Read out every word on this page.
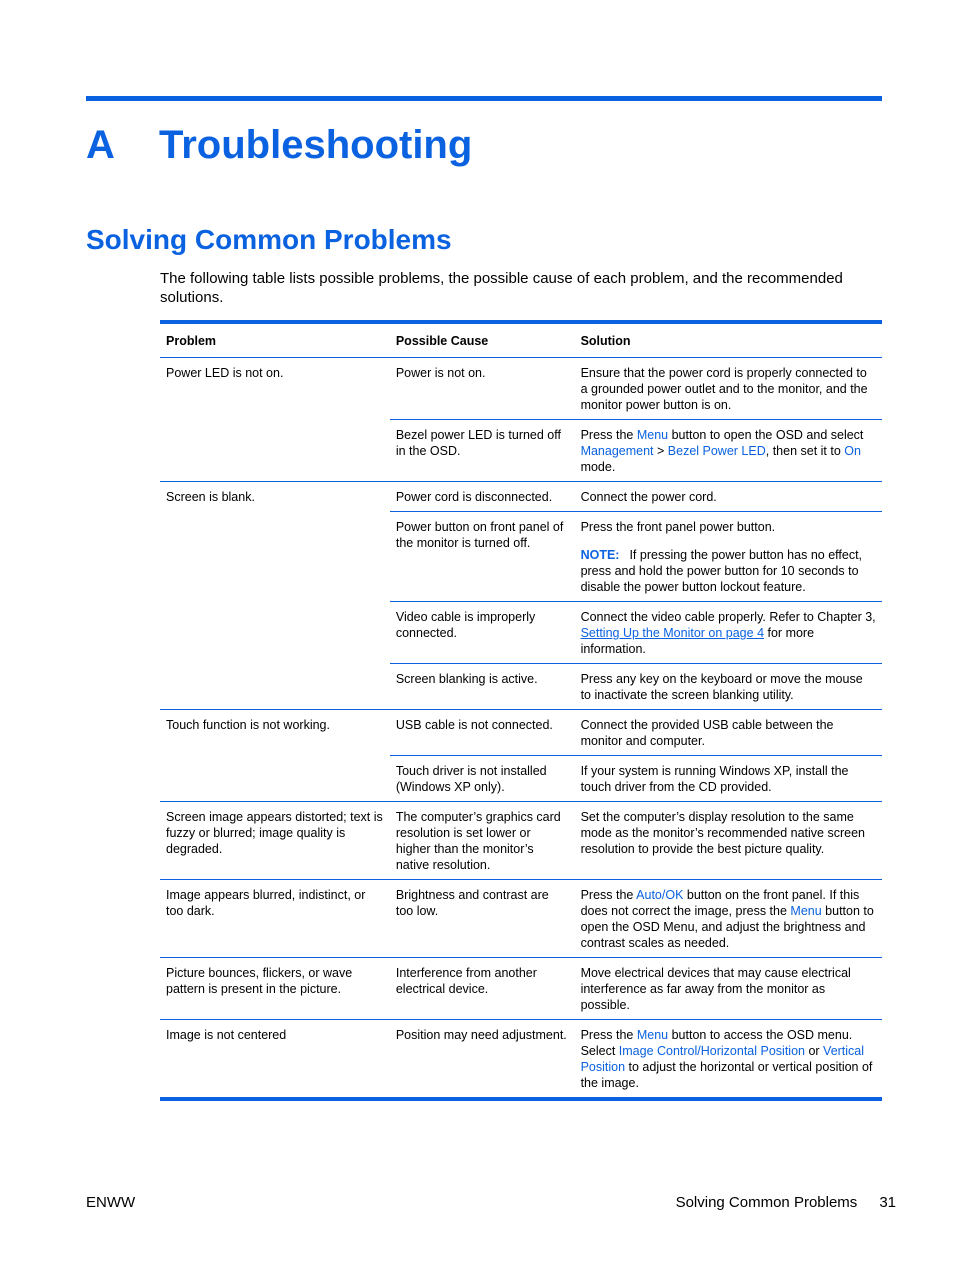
A	Troubleshooting
Solving Common Problems
The following table lists possible problems, the possible cause of each problem, and the recommended solutions.
Problem	Possible Cause	Solution
Power LED is not on.	Power is not on.	Ensure that the power cord is properly connected to a grounded power outlet and to the monitor, and the monitor power button is on.

	Bezel power LED is turned off in the OSD.	Press the Menu button to open the OSD and select Management > Bezel Power LED, then set it to On mode.

Screen is blank.	Power cord is disconnected.	Connect the power cord.

	Power button on front panel of the monitor is turned off.	Press the front panel power button.
NOTE: If pressing the power button has no effect, press and hold the power button for 10 seconds to disable the power button lockout feature.

	Video cable is improperly connected.	Connect the video cable properly. Refer to Chapter 3, Setting Up the Monitor on page 4 for more information.

	Screen blanking is active.	Press any key on the keyboard or move the mouse to inactivate the screen blanking utility.

Touch function is not working.	USB cable is not connected.	Connect the provided USB cable between the monitor and computer.

	Touch driver is not installed (Windows XP only).	If your system is running Windows XP, install the touch driver from the CD provided.

Screen image appears distorted; text is fuzzy or blurred; image quality is degraded.	The computer’s graphics card resolution is set lower or higher than the monitor’s native resolution.	Set the computer’s display resolution to the same mode as the monitor’s recommended native screen resolution to provide the best picture quality.

Image appears blurred, indistinct, or too dark.	Brightness and contrast are too low.	Press the Auto/OK button on the front panel. If this does not correct the image, press the Menu button to open the OSD Menu, and adjust the brightness and contrast scales as needed.

Picture bounces, flickers, or wave pattern is present in the picture.	Interference from another electrical device.	Move electrical devices that may cause electrical interference as far away from the monitor as possible.

Image is not centered	Position may need adjustment.	Press the Menu button to access the OSD menu. Select Image Control/Horizontal Position or Vertical Position to adjust the horizontal or vertical position of the image.
ENWW	Solving Common Problems 31
